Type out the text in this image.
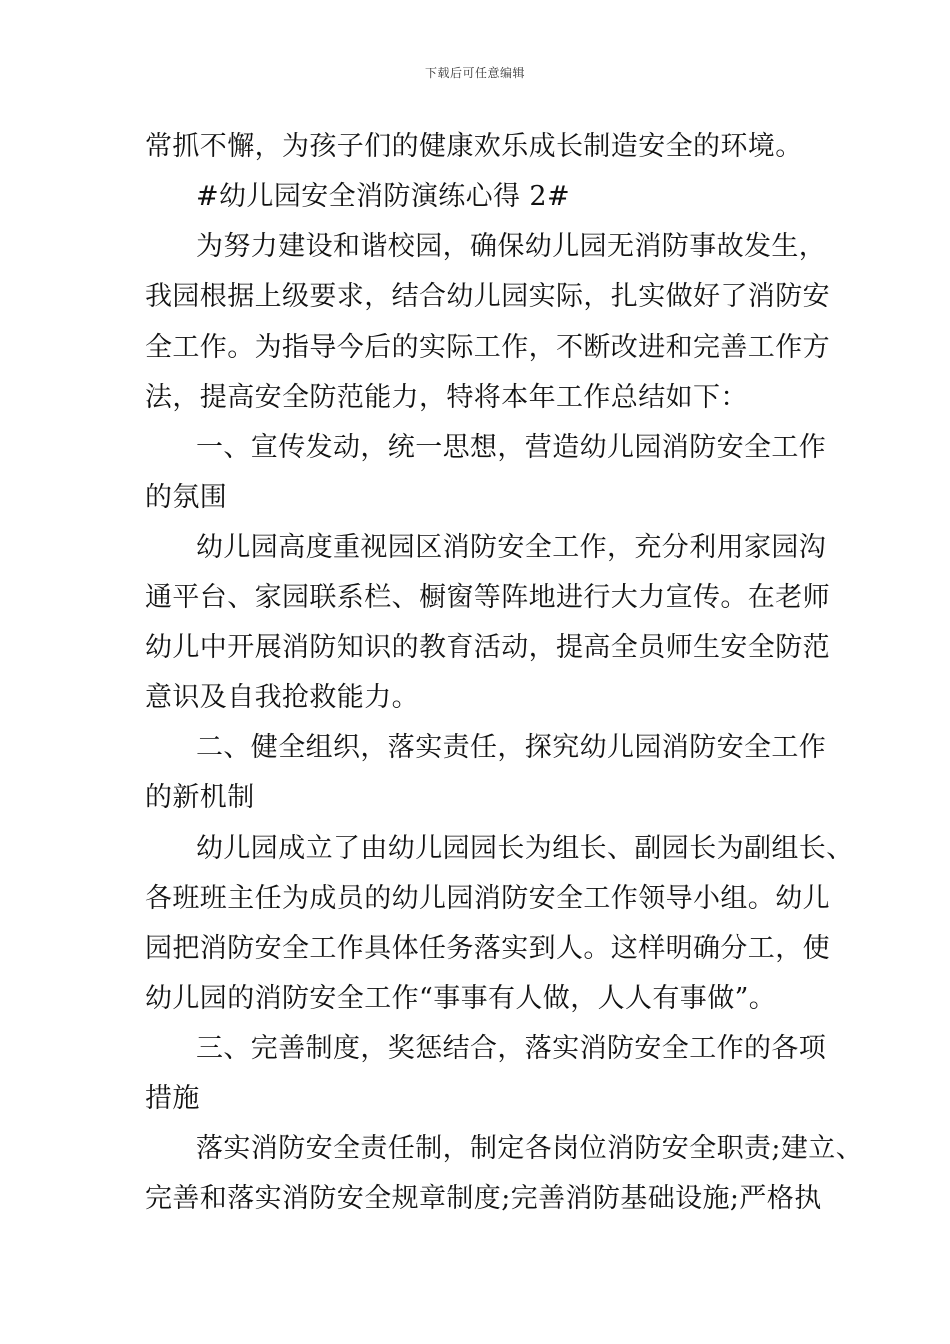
下载后可任意编辑
常抓不懈，为孩子们的健康欢乐成长制造安全的环境。
#幼儿园安全消防演练心得 2#
为努力建设和谐校园，确保幼儿园无消防事故发生，
我园根据上级要求，结合幼儿园实际，扎实做好了消防安
全工作。为指导今后的实际工作，不断改进和完善工作方
法，提高安全防范能力，特将本年工作总结如下：
一、宣传发动，统一思想，营造幼儿园消防安全工作
的氛围
幼儿园高度重视园区消防安全工作，充分利用家园沟
通平台、家园联系栏、橱窗等阵地进行大力宣传。在老师
幼儿中开展消防知识的教育活动，提高全员师生安全防范
意识及自我抢救能力。
二、健全组织，落实责任，探究幼儿园消防安全工作
的新机制
幼儿园成立了由幼儿园园长为组长、副园长为副组长、
各班班主任为成员的幼儿园消防安全工作领导小组。幼儿
园把消防安全工作具体任务落实到人。这样明确分工，使
幼儿园的消防安全工作“事事有人做，人人有事做”。
三、完善制度，奖惩结合，落实消防安全工作的各项
措施
落实消防安全责任制，制定各岗位消防安全职责;建立、
完善和落实消防安全规章制度;完善消防基础设施;严格执
